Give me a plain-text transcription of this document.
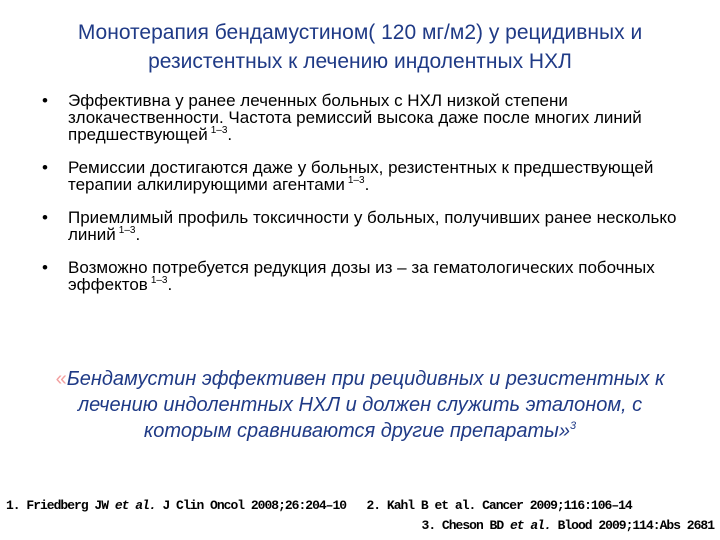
Монотерапия бендамустином( 120 мг/м2) у рецидивных и
резистентных к лечению индолентных НХЛ
• Эффективна у ранее леченных больных с НХЛ низкой степени злокачественности. Частота ремиссий высока даже после многих линий предшествующей $^{1-3}$.
• Ремиссии достигаются даже у больных, резистентных к предшествующей терапии алкилирующими агентами $^{1-3}$.
• Приемлимый профиль токсичности у больных, получивших ранее несколько линий $^{1-3}$.
• Возможно потребуется редукция дозы из – за гематологических побочных эффектов $^{1-3}$.
«Бендамустин эффективен при рецидивных и резистентных к лечению индолентных НХЛ и должен служить эталоном, с которым сравниваются другие препараты»$^3$
1. Friedberg JW et al. J Clin Oncol 2008;26:204–10 2. Kahl B et al. Cancer 2009;116:106–14
3. Cheson BD et al. Blood 2009;114:Abs 2681
